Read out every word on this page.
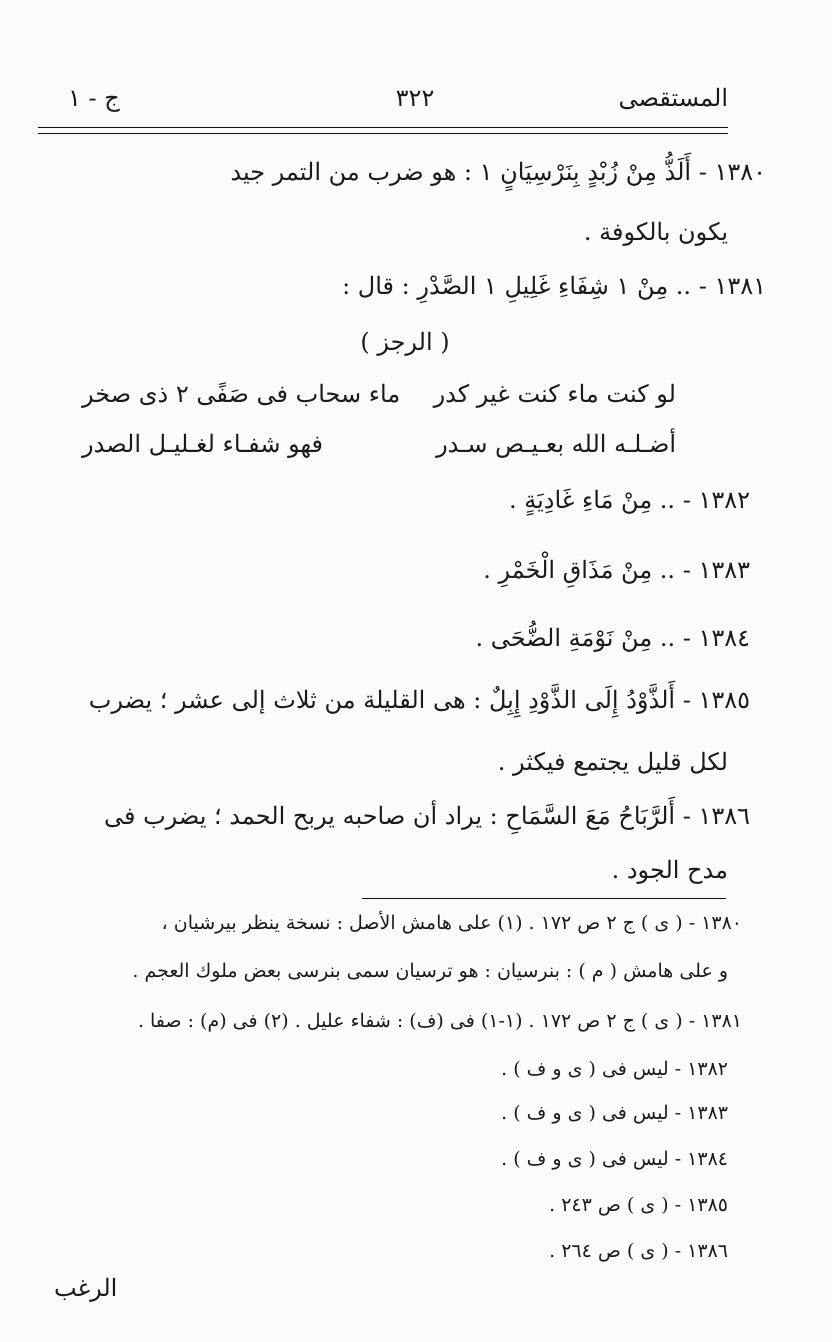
المستقصى
٣٢٢
ج - ١
١٣٨٠ - أَلَذُّ مِنْ زُبْدٍ بِنَرْسِيَانٍ ١ : هو ضرب من التمر جيد
يكون بالكوفة .
١٣٨١ - .. مِنْ ١ شِفَاءِ غَلِيلِ ١ الصَّدْرِ : قال :
( الرجز )
لو كنت ماء كنت غير كدر
ماء سحاب فى صَفًى ٢ ذى صخر
أضـلـه الله بعـيـص سـدر
فهو شفـاء لغـليـل الصدر
١٣٨٢ - .. مِنْ مَاءِ غَادِيَةٍ .
١٣٨٣ - .. مِنْ مَذَاقِ الْخَمْرِ .
١٣٨٤ - .. مِنْ نَوْمَةِ الضُّحَى .
١٣٨٥ - أَلذَّوْدُ إِلَى الذَّوْدِ إِبِلٌ : هى القليلة من ثلاث إلى عشر ؛ يضرب
لكل قليل يجتمع فيكثر .
١٣٨٦ - أَلرَّبَاحُ مَعَ السَّمَاحِ : يراد أن صاحبه يربح الحمد ؛ يضرب فى
مدح الجود .
١٣٨٠ - ( ى ) ج ٢ ص ١٧٢ . (١) على هامش الأصل : نسخة ينظر بيرشيان ،
و على هامش ( م ) : بنرسيان : هو ترسيان سمى بنرسى بعض ملوك العجم .
١٣٨١ - ( ى ) ج ٢ ص ١٧٢ . (١-١) فى (ف) : شفاء عليل . (٢) فى (م) : صفا .
١٣٨٢ - ليس فى ( ى و ف ) .
١٣٨٣ - ليس فى ( ى و ف ) .
١٣٨٤ - ليس فى ( ى و ف ) .
١٣٨٥ - ( ى ) ص ٢٤٣ .
١٣٨٦ - ( ى ) ص ٢٦٤ .
الرغب
